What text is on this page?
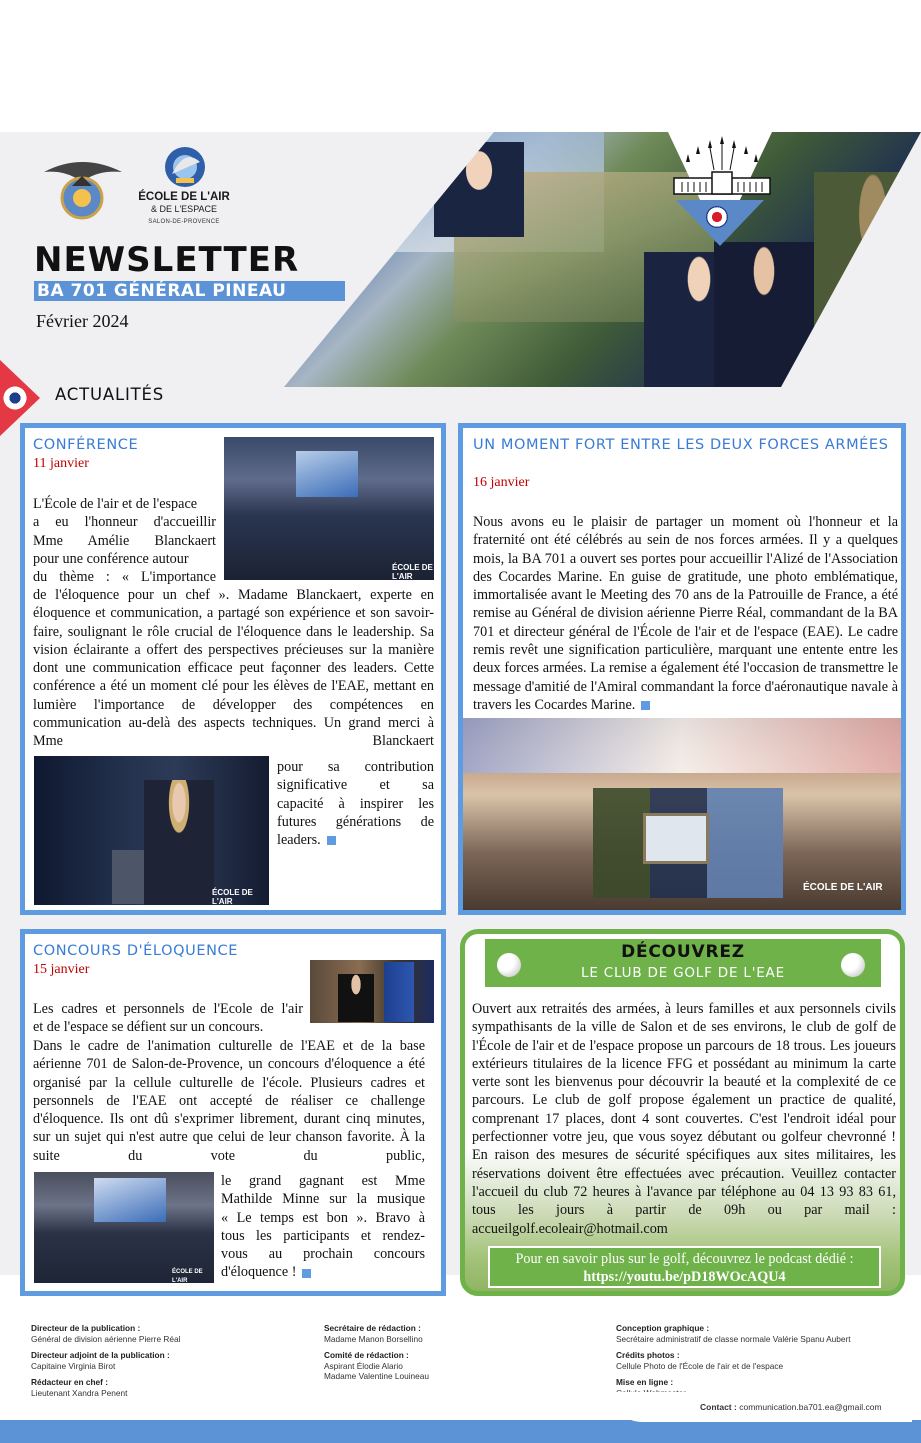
ÉCOLE DE L'AIR
& DE L'ESPACE
SALON-DE-PROVENCE
NEWSLETTER
BA 701 GÉNÉRAL PINEAU
Février 2024
ACTUALITÉS
CONFÉRENCE
11 janvier
ÉCOLE DE L'AIR
L'École de l'air et de l'espace
a eu l'honneur d'accueillir
Mme Amélie Blanckaert
pour une conférence autour
du thème : « L'importance
de l'éloquence pour un chef ». Madame Blanckaert, experte en éloquence et communication, a partagé son expérience et son savoir-faire, soulignant le rôle crucial de l'éloquence dans le leadership. Sa vision éclairante a offert des perspectives précieuses sur la manière dont une communication efficace peut façonner des leaders. Cette conférence a été un moment clé pour les élèves de l'EAE, mettant en lumière l'importance de développer des compétences en communication au-delà des aspects techniques. Un grand merci à Mme Blanckaert
ÉCOLE DE L'AIR
pour sa contribution
significative et sa
capacité à inspirer les
futures générations de
leaders.
UN MOMENT FORT ENTRE LES DEUX FORCES ARMÉES
16 janvier
Nous avons eu le plaisir de partager un moment où l'honneur et la fraternité ont été célébrés au sein de nos forces armées. Il y a quelques mois, la BA 701 a ouvert ses portes pour accueillir l'Alizé de l'Association des Cocardes Marine. En guise de gratitude, une photo emblématique, immortalisée avant le Meeting des 70 ans de la Patrouille de France, a été remise au Général de division aérienne Pierre Réal, commandant de la BA 701 et directeur général de l'École de l'air et de l'espace (EAE). Le cadre remis revêt une signification particulière, marquant une entente entre les deux forces armées. La remise a également été l'occasion de transmettre le message d'amitié de l'Amiral commandant la force d'aéronautique navale à travers les Cocardes Marine.
ÉCOLE DE L'AIR
CONCOURS D'ÉLOQUENCE
15 janvier
Les cadres et personnels de l'Ecole de l'air
et de l'espace se défient sur un concours.
Dans le cadre de l'animation culturelle de l'EAE et de la base aérienne 701 de Salon-de-Provence, un concours d'éloquence a été organisé par la cellule culturelle de l'école. Plusieurs cadres et personnels de l'EAE ont accepté de réaliser ce challenge d'éloquence. Ils ont dû s'exprimer librement, durant cinq minutes, sur un sujet qui n'est autre que celui de leur chanson favorite. À la suite du vote du public,
ÉCOLE DE L'AIR
le grand gagnant est Mme
Mathilde Minne sur la musique
« Le temps est bon ». Bravo à
tous les participants et rendez-
vous au prochain concours
d'éloquence !
DÉCOUVREZ
LE CLUB DE GOLF DE L'EAE
Ouvert aux retraités des armées, à leurs familles et aux personnels civils sympathisants de la ville de Salon et de ses environs, le club de golf de l'École de l'air et de l'espace propose un parcours de 18 trous. Les joueurs extérieurs titulaires de la licence FFG et possédant au minimum la carte verte sont les bienvenus pour découvrir la beauté et la complexité de ce parcours. Le club de golf propose également un practice de qualité, comprenant 17 places, dont 4 sont couvertes. C'est l'endroit idéal pour perfectionner votre jeu, que vous soyez débutant ou golfeur chevronné ! En raison des mesures de sécurité spécifiques aux sites militaires, les réservations doivent être effectuées avec précaution. Veuillez contacter l'accueil du club 72 heures à l'avance par téléphone au 04 13 93 83 61, tous les jours à partir de 09h ou par mail : accueilgolf.ecoleair@hotmail.com
Pour en savoir plus sur le golf, découvrez le podcast dédié :
https://youtu.be/pD18WOcAQU4
Directeur de la publication :
Général de division aérienne Pierre Réal
Directeur adjoint de la publication :
Capitaine Virginia Birot
Rédacteur en chef :
Lieutenant Xandra Penent
Secrétaire de rédaction :
Madame Manon Borsellino
Comité de rédaction :
Aspirant Élodie Alario
Madame Valentine Louineau
Conception graphique :
Secrétaire administratif de classe normale Valérie Spanu Aubert
Crédits photos :
Cellule Photo de l'École de l'air et de l'espace
Mise en ligne :
Contact : communication.ba701.ea@gmail.com
